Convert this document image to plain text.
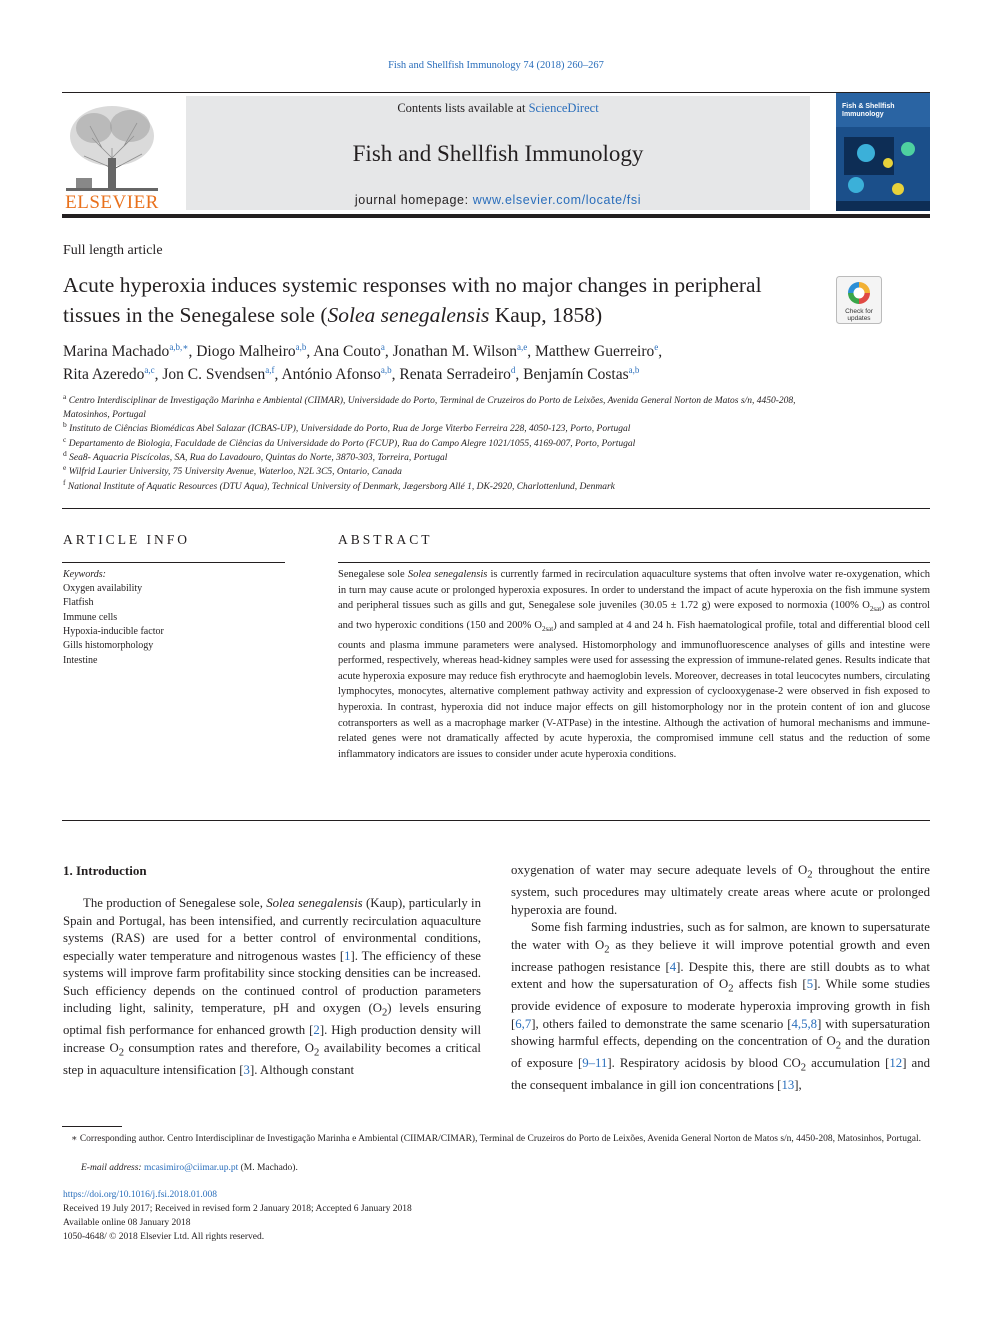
Fish and Shellfish Immunology 74 (2018) 260–267
ELSEVIER
Contents lists available at ScienceDirect
Fish and Shellfish Immunology
journal homepage: www.elsevier.com/locate/fsi
Fish & Shellfish Immunology
Full length article
Acute hyperoxia induces systemic responses with no major changes in peripheral tissues in the Senegalese sole (Solea senegalensis Kaup, 1858)	Check for updates
Marina Machado$^{a,b,∗}$, Diogo Malheiro$^{a,b}$, Ana Couto$^a$, Jonathan M. Wilson$^{a,e}$, Matthew Guerreiro$^e$,
Rita Azeredo$^{a,c}$, Jon C. Svendsen$^{a,f}$, António Afonso$^{a,b}$, Renata Serradeiro$^d$, Benjamín Costas$^{a,b}$
$^a$ Centro Interdisciplinar de Investigação Marinha e Ambiental (CIIMAR), Universidade do Porto, Terminal de Cruzeiros do Porto de Leixões, Avenida General Norton de Matos s/n, 4450-208, Matosinhos, Portugal
$^b$ Instituto de Ciências Biomédicas Abel Salazar (ICBAS-UP), Universidade do Porto, Rua de Jorge Viterbo Ferreira 228, 4050-123, Porto, Portugal
$^c$ Departamento de Biologia, Faculdade de Ciências da Universidade do Porto (FCUP), Rua do Campo Alegre 1021/1055, 4169-007, Porto, Portugal
$^d$ Sea8- Aquacria Piscícolas, SA, Rua do Lavadouro, Quintas do Norte, 3870-303, Torreira, Portugal
$^e$ Wilfrid Laurier University, 75 University Avenue, Waterloo, N2L 3C5, Ontario, Canada
$^f$ National Institute of Aquatic Resources (DTU Aqua), Technical University of Denmark, Jægersborg Allé 1, DK-2920, Charlottenlund, Denmark
ARTICLE INFO
Keywords:
Oxygen availability
Flatfish
Immune cells
Hypoxia-inducible factor
Gills histomorphology
Intestine
ABSTRACT
Senegalese sole Solea senegalensis is currently farmed in recirculation aquaculture systems that often involve water re-oxygenation, which in turn may cause acute or prolonged hyperoxia exposures. In order to understand the impact of acute hyperoxia on the fish immune system and peripheral tissues such as gills and gut, Senegalese sole juveniles (30.05 ± 1.72 g) were exposed to normoxia (100% $O_{2sat}$) as control and two hyperoxic conditions (150 and 200% $O_{2sat}$) and sampled at 4 and 24 h. Fish haematological profile, total and differential blood cell counts and plasma immune parameters were analysed. Histomorphology and immunofluorescence analyses of gills and intestine were performed, respectively, whereas head-kidney samples were used for assessing the expression of immune-related genes. Results indicate that acute hyperoxia exposure may reduce fish erythrocyte and haemoglobin levels. Moreover, decreases in total leucocytes numbers, circulating lymphocytes, monocytes, alternative complement pathway activity and expression of cyclooxygenase-2 were observed in fish exposed to hyperoxia. In contrast, hyperoxia did not induce major effects on gill histomorphology nor in the protein content of ion and glucose cotransporters as well as a macrophage marker (V-ATPase) in the intestine. Although the activation of humoral mechanisms and immune-related genes were not dramatically affected by acute hyperoxia, the compromised immune cell status and the reduction of some inflammatory indicators are issues to consider under acute hyperoxia conditions.
1. Introduction

The production of Senegalese sole, Solea senegalensis (Kaup), particularly in Spain and Portugal, has been intensified, and currently recirculation aquaculture systems (RAS) are used for a better control of environmental conditions, especially water temperature and nitrogenous wastes [1]. The efficiency of these systems will improve farm profitability since stocking densities can be increased. Such efficiency depends on the continued control of production parameters including light, salinity, temperature, pH and oxygen $(O_2)$ levels ensuring optimal fish performance for enhanced growth [2]. High production density will increase $O_2$ consumption rates and therefore, $O_2$ availability becomes a critical step in aquaculture intensification [3]. Although constant

oxygenation of water may secure adequate levels of $O_2$ throughout the entire system, such procedures may ultimately create areas where acute or prolonged hyperoxia are found.

Some fish farming industries, such as for salmon, are known to supersaturate the water with $O_2$ as they believe it will improve potential growth and even increase pathogen resistance [4]. Despite this, there are still doubts as to what extent and how the supersaturation of $O_2$ affects fish [5]. While some studies provide evidence of exposure to moderate hyperoxia improving growth in fish [6,7], others failed to demonstrate the same scenario [4,5,8] with supersaturation showing harmful effects, depending on the concentration of $O_2$ and the duration of exposure [9–11]. Respiratory acidosis by blood $CO_2$ accumulation [12] and the consequent imbalance in gill ion concentrations [13],

∗ Corresponding author. Centro Interdisciplinar de Investigação Marinha e Ambiental (CIIMAR/CIMAR), Terminal de Cruzeiros do Porto de Leixões, Avenida General Norton de Matos s/n, 4450-208, Matosinhos, Portugal.
E-mail address: mcasimiro@ciimar.up.pt (M. Machado).
https://doi.org/10.1016/j.fsi.2018.01.008
Received 19 July 2017; Received in revised form 2 January 2018; Accepted 6 January 2018
Available online 08 January 2018
1050-4648/ © 2018 Elsevier Ltd. All rights reserved.
